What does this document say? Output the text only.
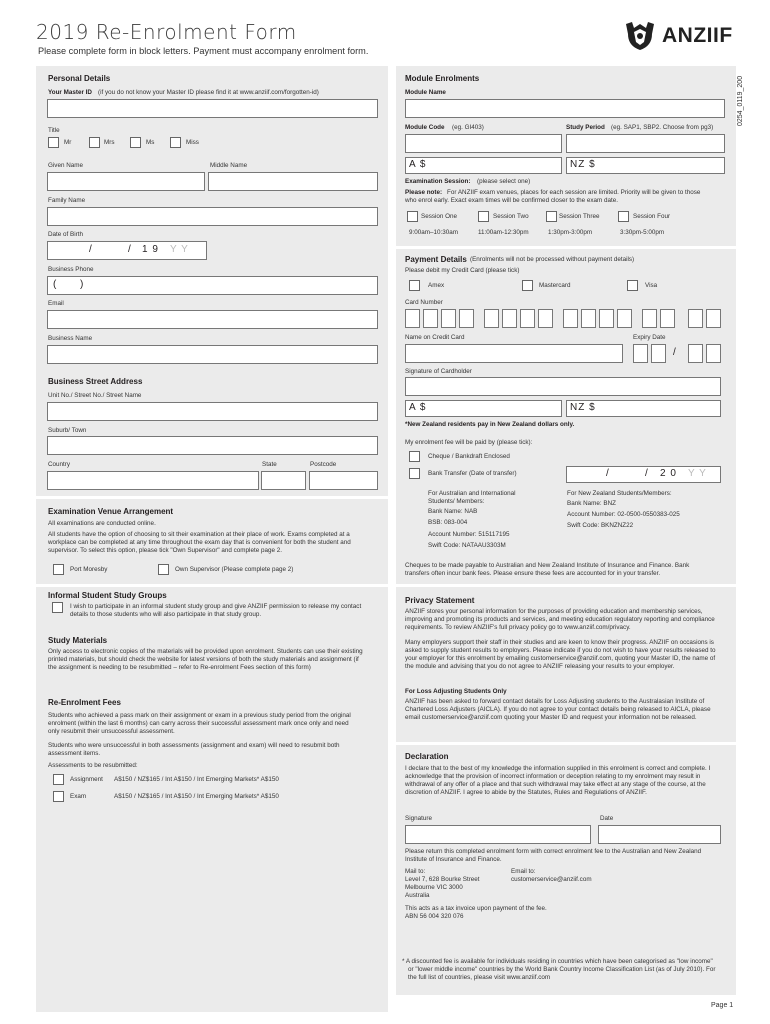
2019 Re-Enrolment Form
Please complete form in block letters. Payment must accompany enrolment form.
ANZIIF
0254_0119_200
Personal Details
Your Master ID (if you do not know your Master ID please find it at www.anziif.com/forgotten-id)
Title
Mr	Mrs	Ms	Miss
Given Name	Middle Name
Family Name
Date of Birth
/	/ 1 9 Y Y
Business Phone
( )
Email
Business Name
Business Street Address
Unit No./ Street No./ Street Name
Suburb/ Town
Country	State	Postcode
Examination Venue Arrangement
All examinations are conducted online.
All students have the option of choosing to sit their examination at their place of work. Exams completed at a workplace can be completed at any time throughout the exam day that is convenient for both the student and supervisor. To select this option, please tick "Own Supervisor" and complete page 2.
Port Moresby	Own Supervisor (Please complete page 2)
Informal Student Study Groups
I wish to participate in an informal student study group and give ANZIIF permission to release my contact details to those students who will also participate in that study group.
Study Materials
Only access to electronic copies of the materials will be provided upon enrolment. Students can use their existing printed materials, but should check the website for latest versions of both the study materials and assignment (if the assignment is needing to be resubmitted – refer to Re-enrolment Fees section of this form)
Re-Enrolment Fees
Students who achieved a pass mark on their assignment or exam in a previous study period from the original enrolment (within the last 6 months) can carry across their successful assessment mark once only and need only resubmit their unsuccessful assessment.
Students who were unsuccessful in both assessments (assignment and exam) will need to resubmit both assessment items.
Assessments to be resubmitted:
Assignment A$150 / NZ$165 / Int A$150 / Int Emerging Markets* A$150
Exam	A$150 / NZ$165 / Int A$150 / Int Emerging Markets* A$150
Module Enrolments
Module Name
Module Code (eg. GI403)	Study Period (eg. SAP1, SBP2. Choose from pg3)
A $	NZ $
Examination Session: (please select one)
Please note: For ANZIIF exam venues, places for each session are limited. Priority will be given to those who enrol early. Exact exam times will be confirmed closer to the exam date.
Session One	Session Two	Session Three	Session Four
9:00am–10:30am	11:00am-12:30pm	1:30pm-3:00pm	3:30pm-5:00pm
Payment Details (Enrolments will not be processed without payment details)
Please debit my Credit Card (please tick)
Amex	Mastercard	Visa
Card Number
Name on Credit Card	Expiry Date
/
Signature of Cardholder
A $	NZ $
*New Zealand residents pay in New Zealand dollars only.
My enrolment fee will be paid by (please tick):
Cheque / Bankdraft Enclosed
Bank Transfer (Date of transfer)	/	/ 2 0 Y Y
For Australian and International Students/ Members:
Bank Name: NAB
BSB: 083-004
Account Number: 515117195
Swift Code: NATAAU3303M
For New Zealand Students/Members:
Bank Name: BNZ
Account Number: 02-0500-0550383-025
Swift Code: BKNZNZ22
Cheques to be made payable to Australian and New Zealand Institute of Insurance and Finance. Bank transfers often incur bank fees. Please ensure these fees are accounted for in your transfer.
Privacy Statement
ANZIIF stores your personal information for the purposes of providing education and membership services, improving and promoting its products and services, and meeting education regulatory reporting and compliance requirements. To review ANZIIF's full privacy policy go to www.anziif.com/privacy.
Many employers support their staff in their studies and are keen to know their progress. ANZIIF on occasions is asked to supply student results to employers. Please indicate if you do not wish to have your results released to your employer for this enrolment by emailing customerservice@anziif.com, quoting your Master ID, the name of the module and advising that you do not agree to ANZIIF releasing your results to your employer.
For Loss Adjusting Students Only
ANZIIF has been asked to forward contact details for Loss Adjusting students to the Australasian Institute of Chartered Loss Adjusters (AICLA). If you do not agree to your contact details being released to AICLA, please email customerservice@anziif.com quoting your Master ID and request your information not be released.
Declaration
I declare that to the best of my knowledge the information supplied in this enrolment is correct and complete. I acknowledge that the provision of incorrect information or deception relating to my enrolment may result in withdrawal of any offer of a place and that such withdrawal may take effect at any stage of the course, at the discretion of ANZIIF. I agree to abide by the Statutes, Rules and Regulations of ANZIIF.
Signature	Date
Please return this completed enrolment form with correct enrolment fee to the Australian and New Zealand Institute of Insurance and Finance.
Mail to:
Level 7, 628 Bourke Street
Melbourne VIC 3000
Australia
Email to:
customerservice@anziif.com
This acts as a tax invoice upon payment of the fee.
ABN 56 004 320 076
* A discounted fee is available for individuals residing in countries which have been categorised as "low income" or "lower middle income" countries by the World Bank Country Income Classification List (as of July 2010). For the full list of countries, please visit www.anziif.com
Page 1
